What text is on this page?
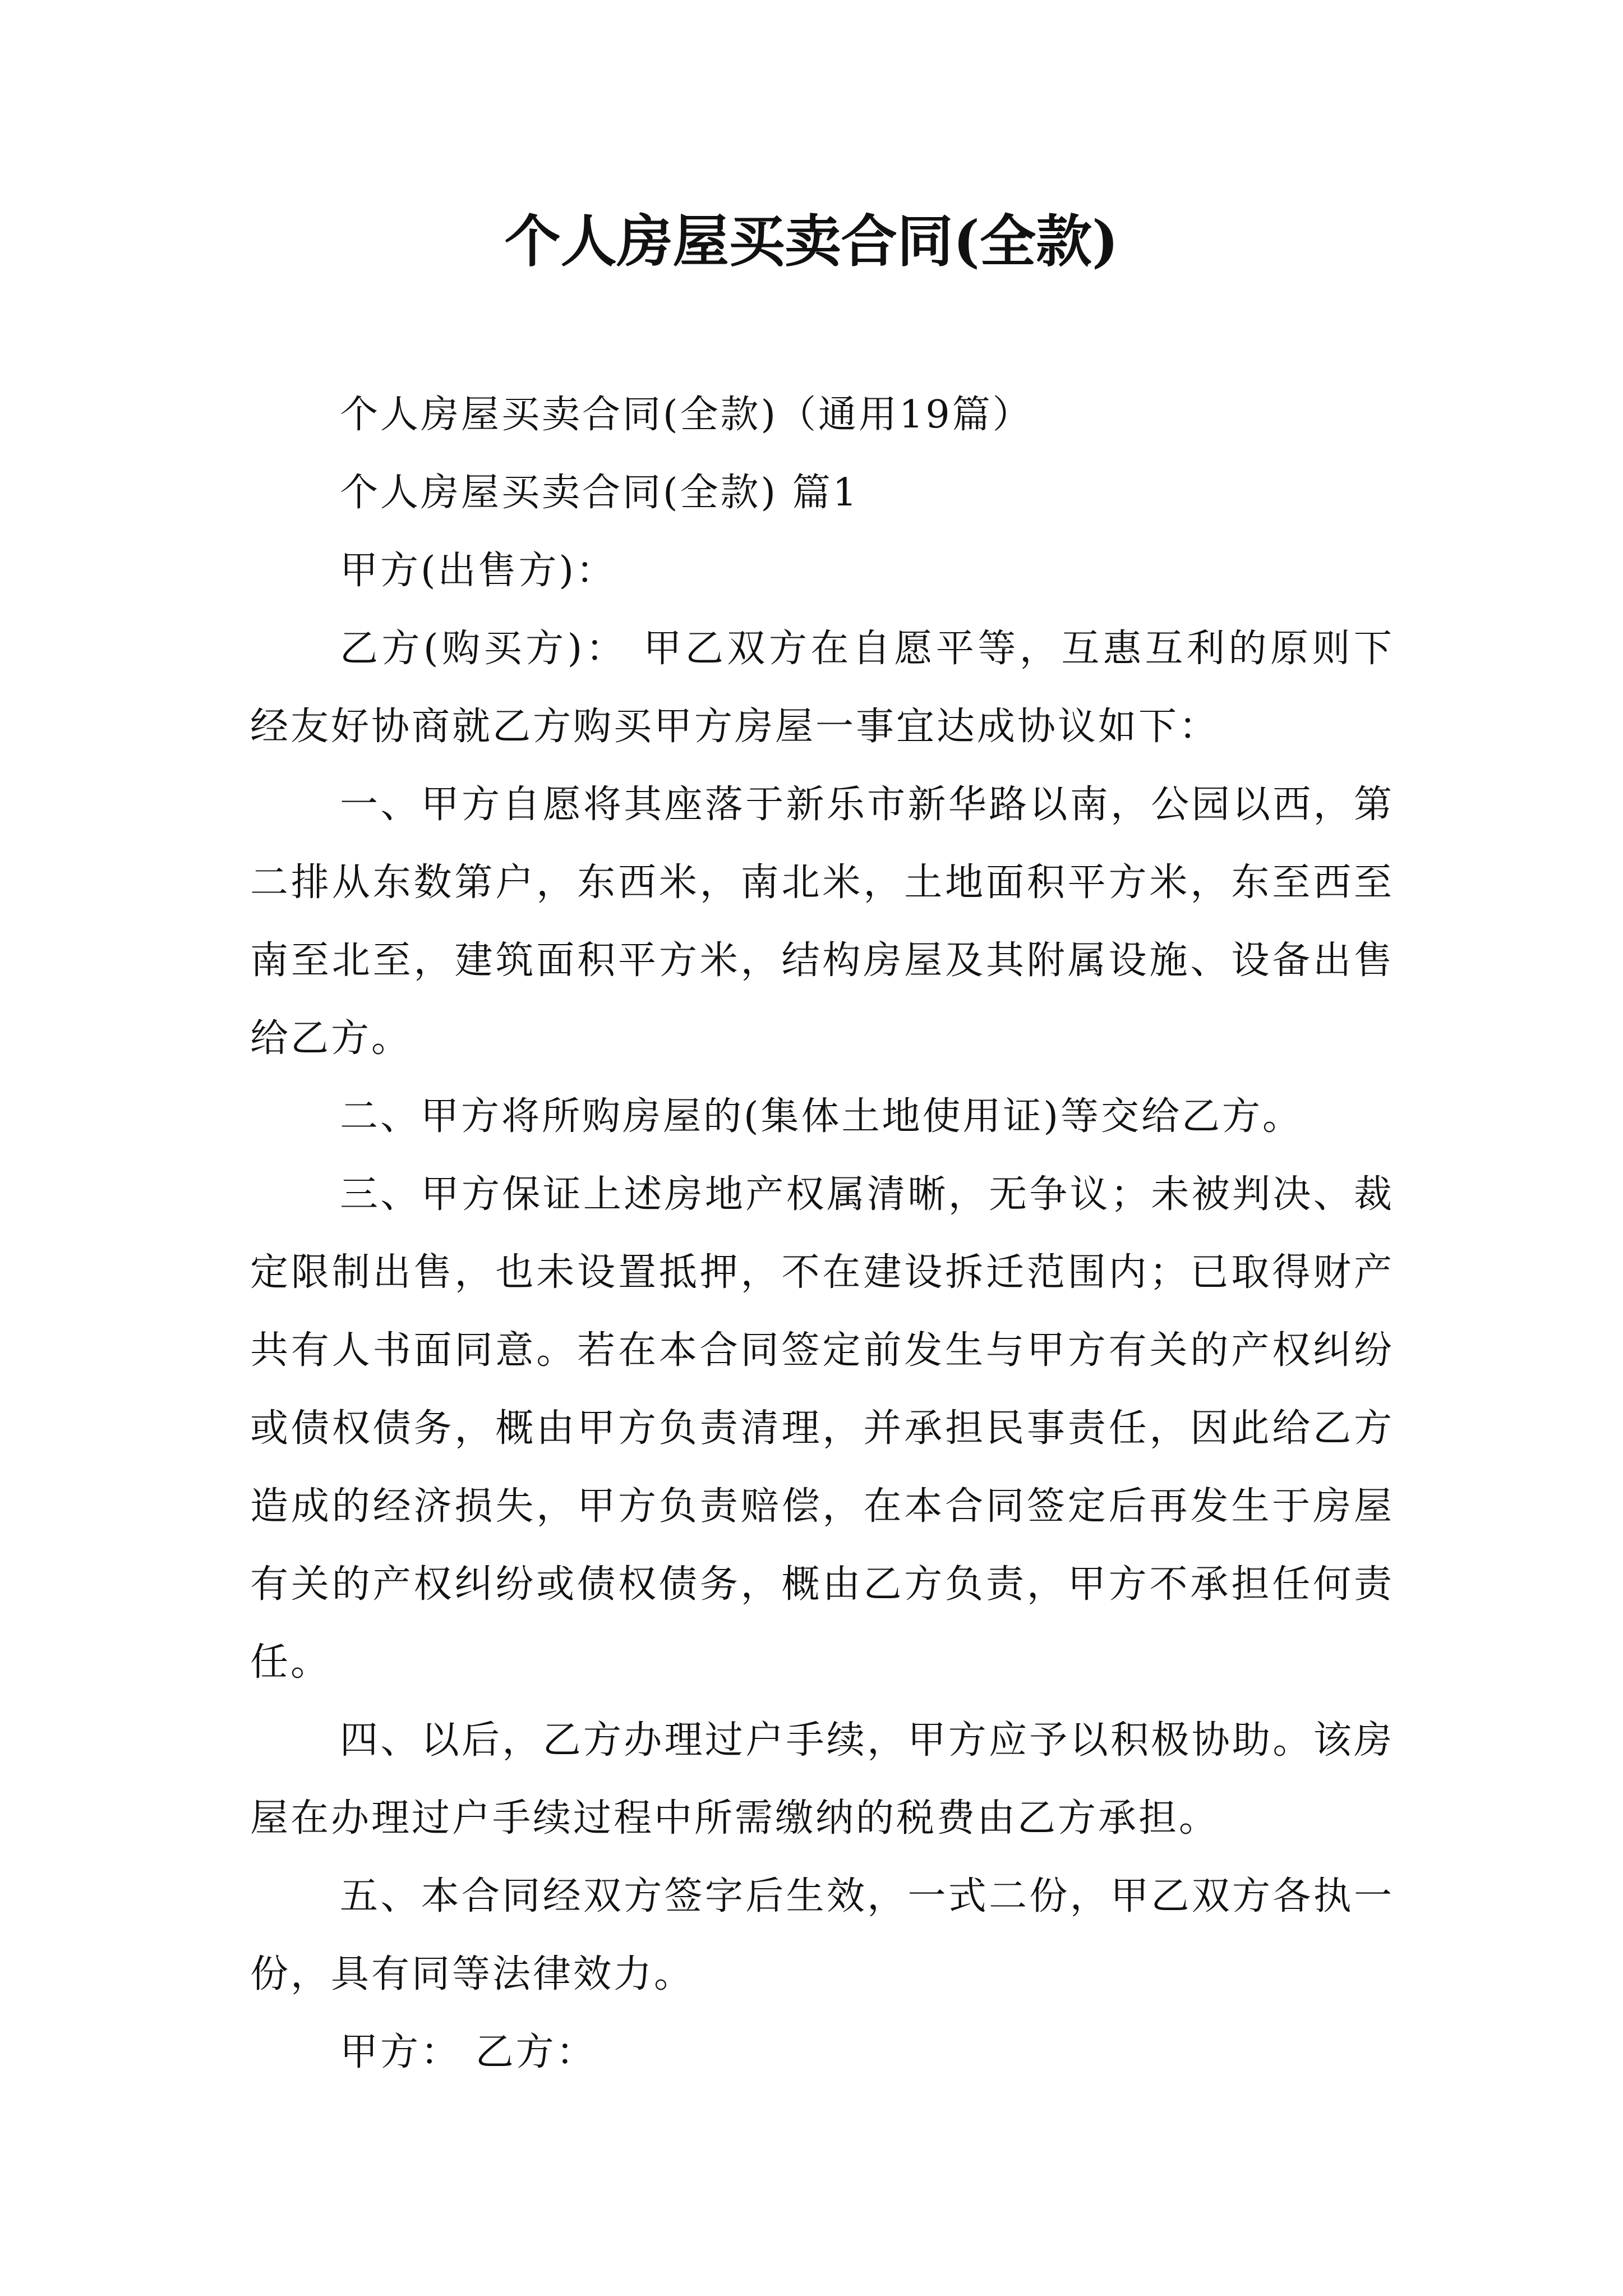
个人房屋买卖合同(全款)

个人房屋买卖合同(全款)（通用19篇）

个人房屋买卖合同(全款) 篇1

甲方(出售方)：

乙方(购买方)： 甲乙双方在自愿平等，互惠互利的原则下经友好协商就乙方购买甲方房屋一事宜达成协议如下：

一、甲方自愿将其座落于新乐市新华路以南，公园以西，第二排从东数第户，东西米，南北米，土地面积平方米，东至西至南至北至，建筑面积平方米，结构房屋及其附属设施、设备出售给乙方。

二、甲方将所购房屋的(集体土地使用证)等交给乙方。

三、甲方保证上述房地产权属清晰，无争议；未被判决、裁定限制出售，也未设置抵押，不在建设拆迁范围内；已取得财产共有人书面同意。若在本合同签定前发生与甲方有关的产权纠纷或债权债务，概由甲方负责清理，并承担民事责任，因此给乙方造成的经济损失，甲方负责赔偿，在本合同签定后再发生于房屋有关的产权纠纷或债权债务，概由乙方负责，甲方不承担任何责任。

四、以后，乙方办理过户手续，甲方应予以积极协助。该房屋在办理过户手续过程中所需缴纳的税费由乙方承担。

五、本合同经双方签字后生效，一式二份，甲乙双方各执一份，具有同等法律效力。

甲方： 乙方：
